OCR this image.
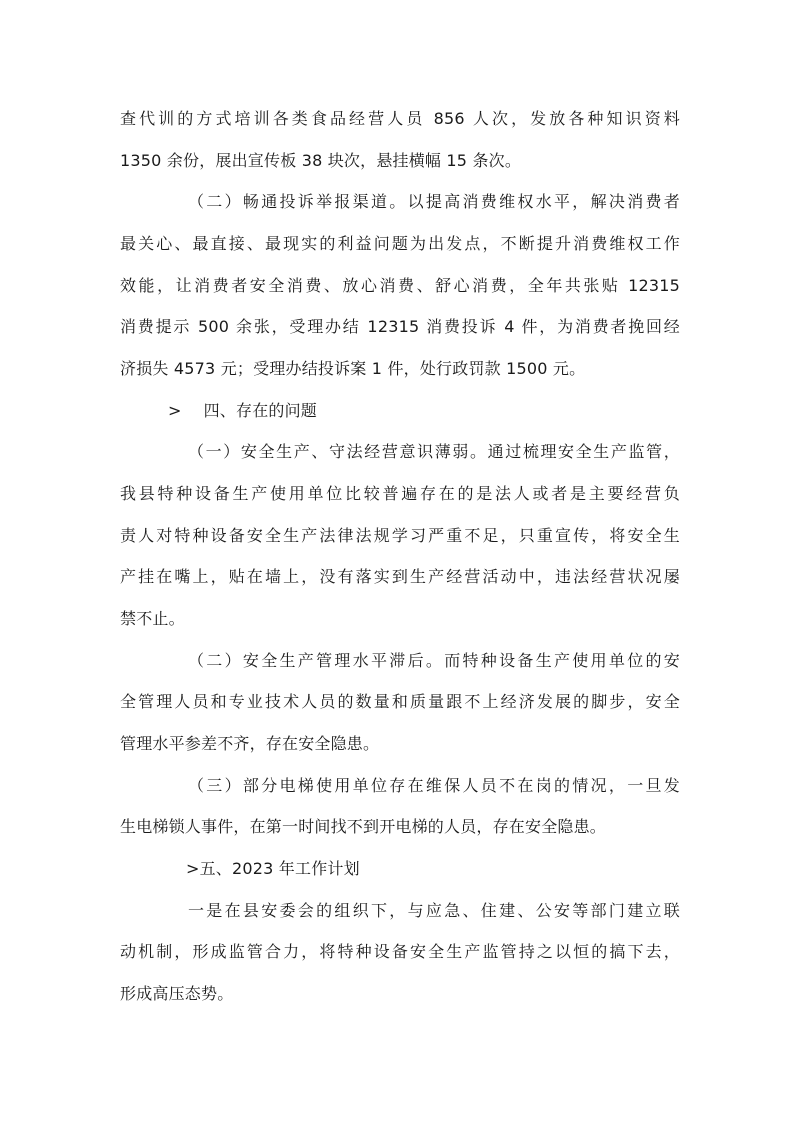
查代训的方式培训各类食品经营人员 856 人次，发放各种知识资料
1350 余份，展出宣传板 38 块次，悬挂横幅 15 条次。
（二）畅通投诉举报渠道。以提高消费维权水平，解决消费者
最关心、最直接、最现实的利益问题为出发点，不断提升消费维权工作
效能，让消费者安全消费、放心消费、舒心消费，全年共张贴 12315
消费提示 500 余张，受理办结 12315 消费投诉 4 件，为消费者挽回经
济损失 4573 元；受理办结投诉案 1 件，处行政罚款 1500 元。
> 四、存在的问题
（一）安全生产、守法经营意识薄弱。通过梳理安全生产监管，
我县特种设备生产使用单位比较普遍存在的是法人或者是主要经营负
责人对特种设备安全生产法律法规学习严重不足，只重宣传，将安全生
产挂在嘴上，贴在墙上，没有落实到生产经营活动中，违法经营状况屡
禁不止。
（二）安全生产管理水平滞后。而特种设备生产使用单位的安
全管理人员和专业技术人员的数量和质量跟不上经济发展的脚步，安全
管理水平参差不齐，存在安全隐患。
（三）部分电梯使用单位存在维保人员不在岗的情况，一旦发
生电梯锁人事件，在第一时间找不到开电梯的人员，存在安全隐患。
>五、2023 年工作计划
一是在县安委会的组织下，与应急、住建、公安等部门建立联
动机制，形成监管合力，将特种设备安全生产监管持之以恒的搞下去，
形成高压态势。
